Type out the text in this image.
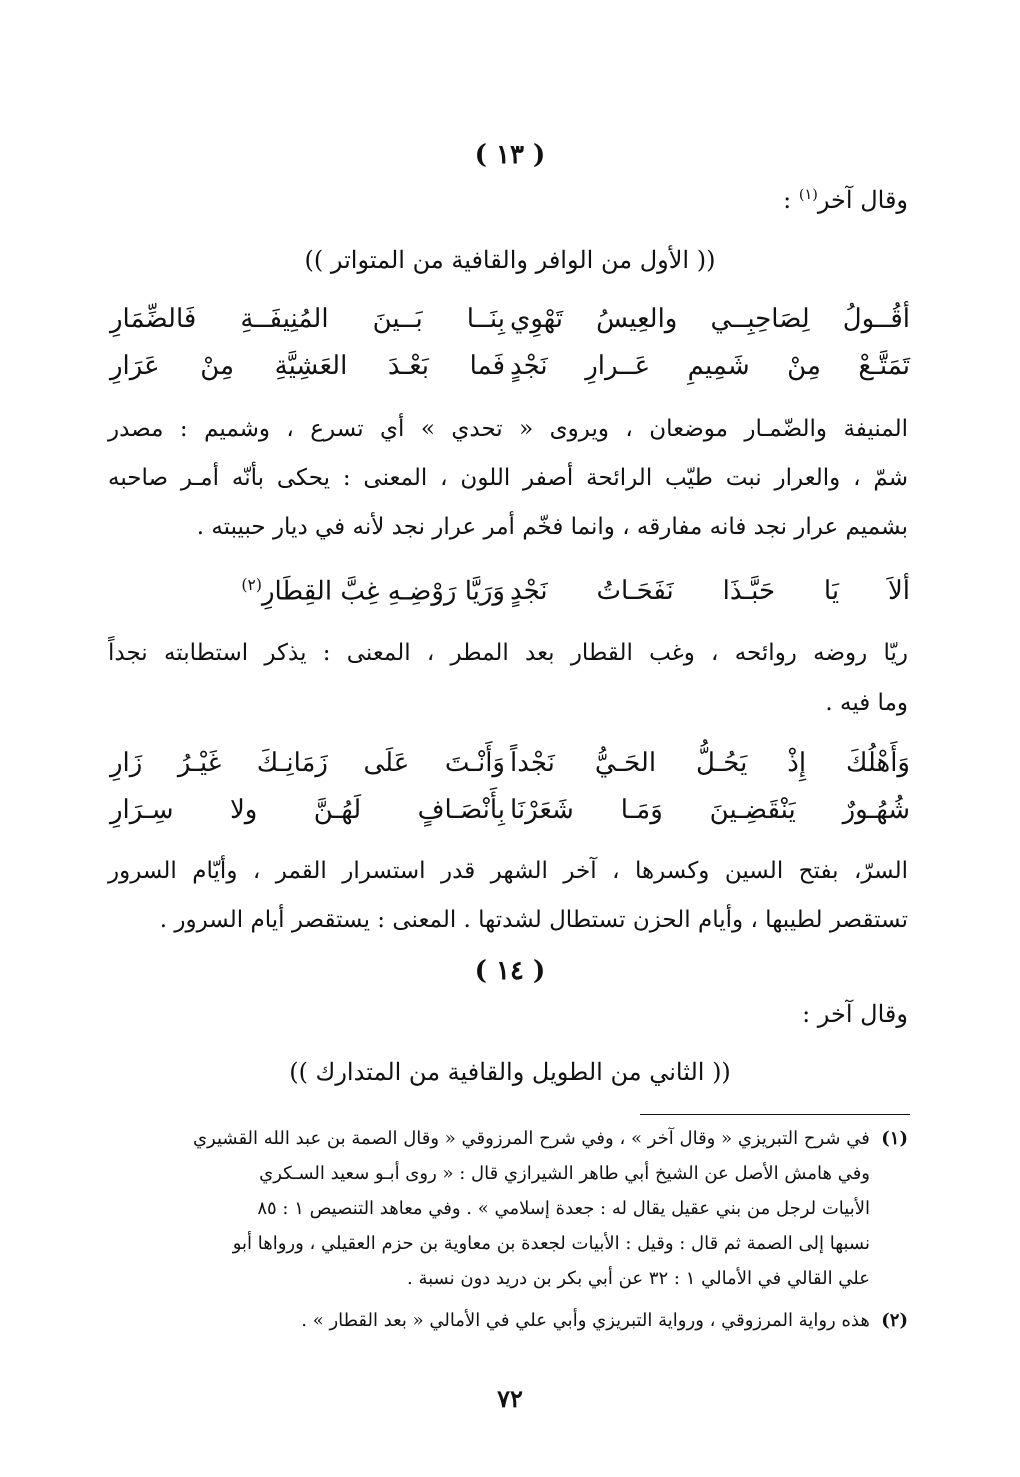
( ١٣ )
وقال آخر$^{(١)}$ :
(( الأول من الوافر والقافية من المتواتر ))
أقُــولُ لِصَاحِبِــي والعِيسُ تَهْوِي
بِنَــا بَــينَ المُنِيفَــةِ فَالضِّمَارِ
تَمَتَّـعْ مِنْ شَمِيمِ عَــرارِ نَجْدٍ
فَما بَعْـدَ العَشِيَّةِ مِنْ عَرَارِ
المنيفة والضّمـار موضعان ، ويروى « تحدي » أي تسرع ، وشميم : مصدر
شمّ ، والعرار نبت طيّب الرائحة أصفر اللون ، المعنى : يحكى بأنّه أمـر صاحبه
بشميم عرار نجد فانه مفارقه ، وانما فخّم أمر عرار نجد لأنه في ديار حبيبته .
ألاَ يَا حَبَّـذَا نَفَحَـاتُ نَجْدٍ
وَرَيَّا رَوْضِـهِ غِبَّ القِطَارِ$^{(٢)}$
ريّا روضه روائحه ، وغب القطار بعد المطر ، المعنى : يذكر استطابته نجداً
وما فيه .
وَأَهْلُكَ إِذْ يَحُـلُّ الحَـيُّ نَجْداً
وَأَنْـتَ عَلَى زَمَانِـكَ غَيْـرُ زَارِ
شُهُـورٌ يَنْقَضِـينَ وَمَـا شَعَرْنَا
بِأَنْصَـافٍ لَهُـنَّ ولا سِـرَارِ
السرّ، بفتح السين وكسرها ، آخر الشهر قدر استسرار القمر ، وأيّام السرور
تستقصر لطيبها ، وأيام الحزن تستطال لشدتها . المعنى : يستقصر أيام السرور .
( ١٤ )
وقال آخر :
(( الثاني من الطويل والقافية من المتدارك ))
(١)  في شرح التبريزي « وقال آخر » ، وفي شرح المرزوقي « وقال الصمة بن عبد الله القشيري
وفي هامش الأصل عن الشيخ أبي طاهر الشيرازي قال : « روى أبـو سعيد السـكري
الأبيات لرجل من بني عقيل يقال له : جعدة إسلامي » . وفي معاهد التنصيص ١ : ٨٥
نسبها إلى الصمة ثم قال : وقيل : الأبيات لجعدة بن معاوية بن حزم العقيلي ، ورواها أبو
علي القالي في الأمالي ١ : ٣٢ عن أبي بكر بن دريد دون نسبة .
(٢)  هذه رواية المرزوقي ، ورواية التبريزي وأبي علي في الأمالي « بعد القطار » .
٧٢
